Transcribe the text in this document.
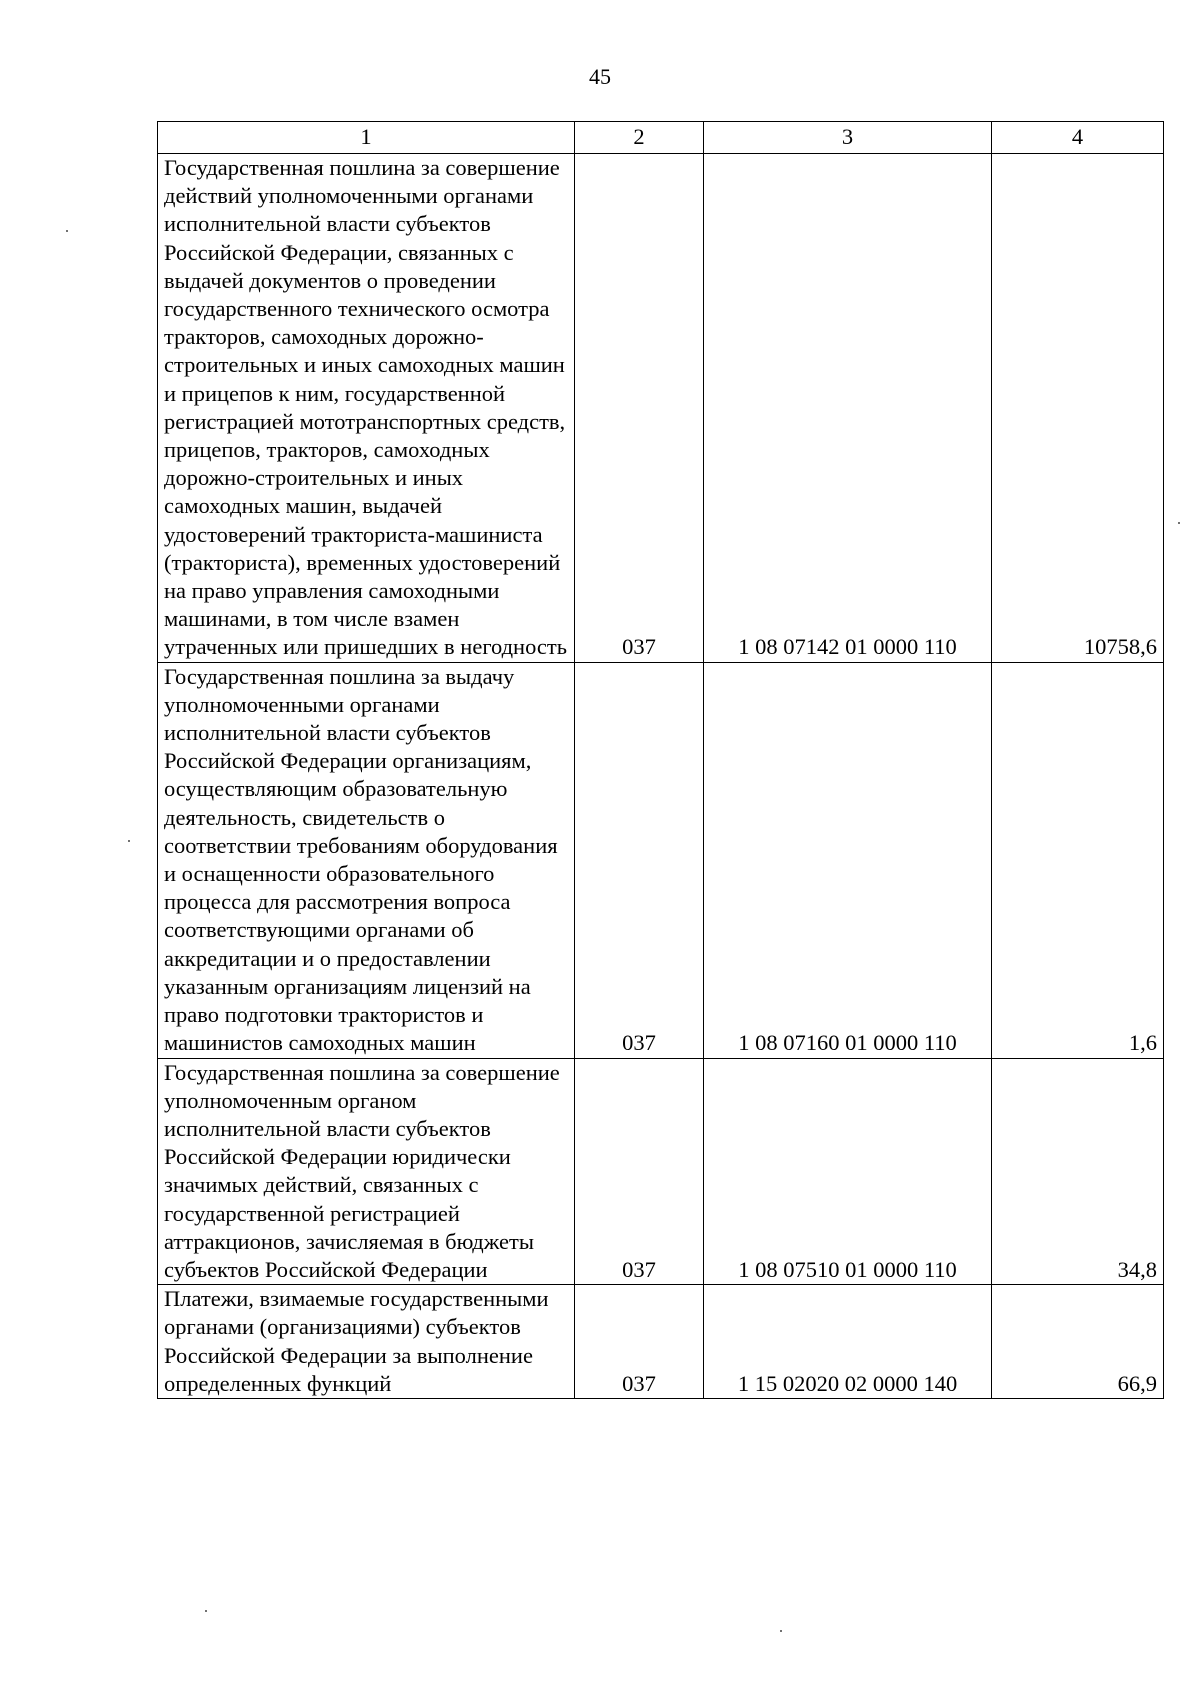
45
1	2	3	4
Государственная пошлина за совершение действий уполномоченными органами исполнительной власти субъектов Российской Федерации, связанных с выдачей документов о проведении государственного технического осмотра тракторов, самоходных дорожно-строительных и иных самоходных машин и прицепов к ним, государственной регистрацией мототранспортных средств, прицепов, тракторов, самоходных дорожно-строительных и иных самоходных машин, выдачей удостоверений тракториста-машиниста (тракториста), временных удостоверений на право управления самоходными машинами, в том числе взамен утраченных или пришедших в негодность	037	1 08 07142 01 0000 110	10758,6
Государственная пошлина за выдачу уполномоченными органами исполнительной власти субъектов Российской Федерации организациям, осуществляющим образовательную деятельность, свидетельств о соответствии требованиям оборудования и оснащенности образовательного процесса для рассмотрения вопроса соответствующими органами об аккредитации и о предоставлении указанным организациям лицензий на право подготовки трактористов и машинистов самоходных машин	037	1 08 07160 01 0000 110	1,6
Государственная пошлина за совершение уполномоченным органом исполнительной власти субъектов Российской Федерации юридически значимых действий, связанных с государственной регистрацией аттракционов, зачисляемая в бюджеты субъектов Российской Федерации	037	1 08 07510 01 0000 110	34,8
Платежи, взимаемые государственными органами (организациями) субъектов Российской Федерации за выполнение определенных функций	037	1 15 02020 02 0000 140	66,9
